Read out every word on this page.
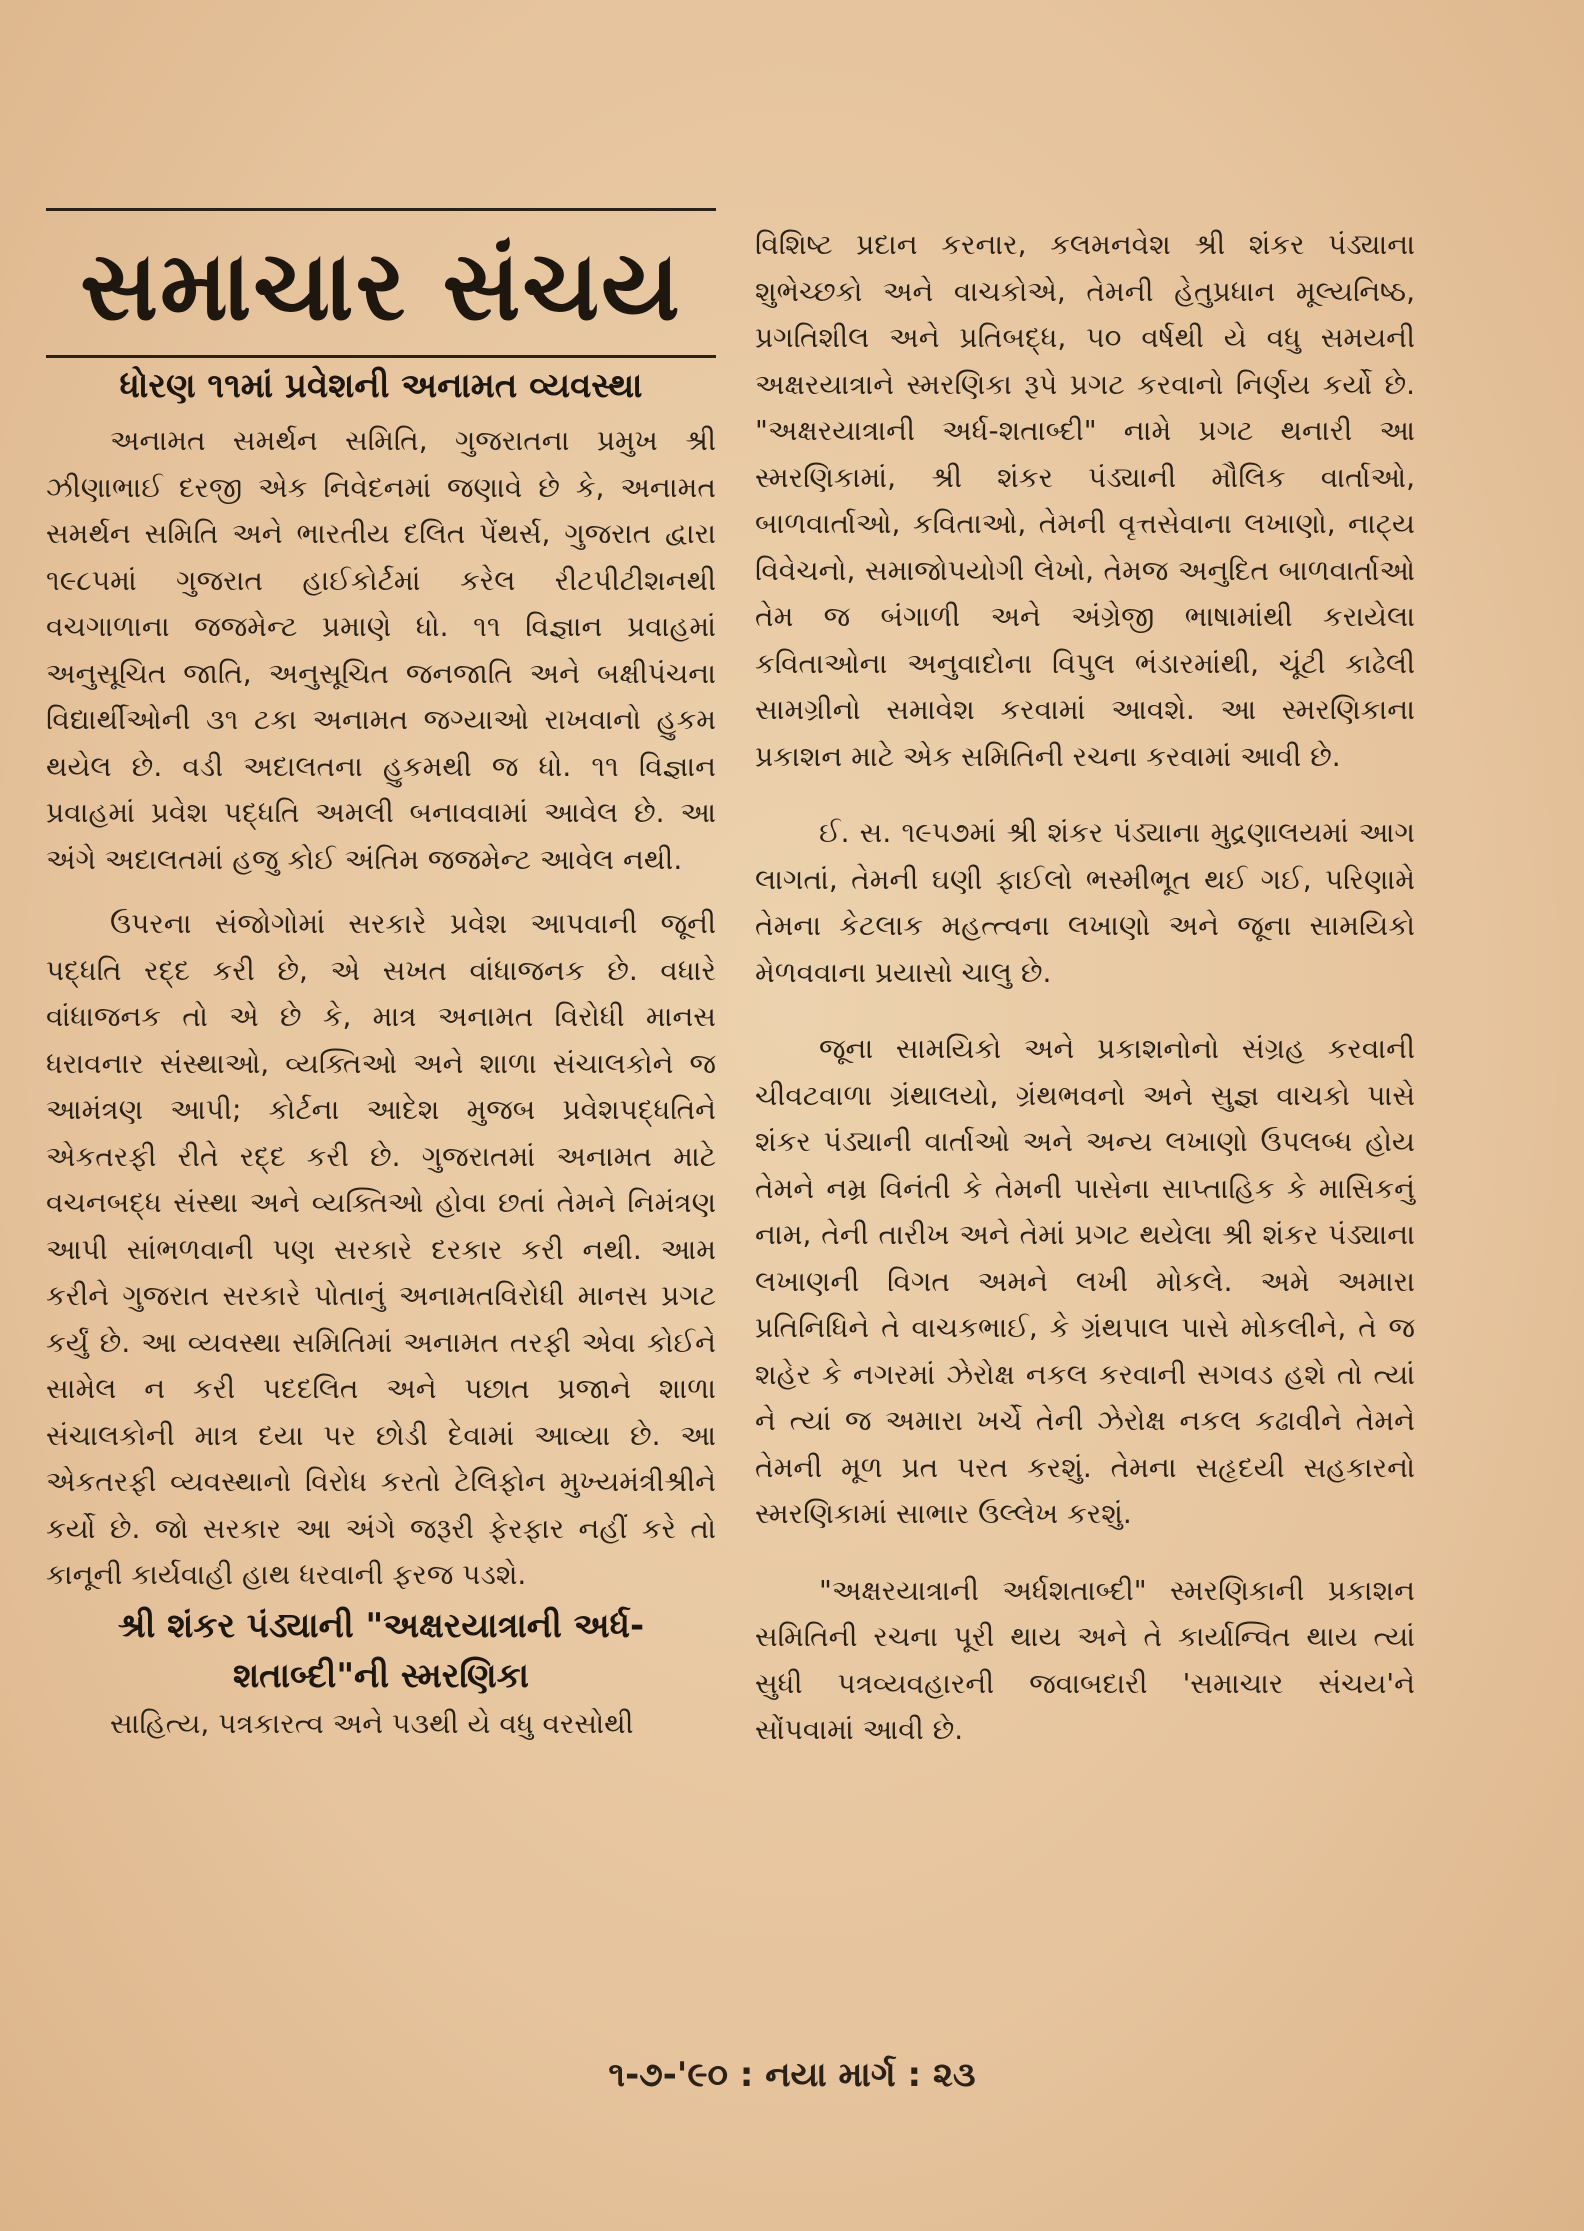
સમાચાર સંચય
ધોરણ ૧૧માં પ્રવેશની અનામત વ્યવસ્થા

અનામત સમર્થન સમિતિ, ગુજરાતના પ્રમુખ શ્રી ઝીણાભાઈ દરજી એક નિવેદનમાં જણાવે છે કે, અનામત સમર્થન સમિતિ અને ભારતીય દલિત પેંથર્સ, ગુજરાત દ્વારા ૧૯૮૫માં ગુજરાત હાઈકોર્ટમાં કરેલ રીટપીટીશનથી વચગાળાના જજમેન્ટ પ્રમાણે ધો. ૧૧ વિજ્ઞાન પ્રવાહમાં અનુસૂચિત જાતિ, અનુસૂચિત જનજાતિ અને બક્ષીપંચના વિદ્યાર્થીઓની ૩૧ ટકા અનામત જગ્યાઓ રાખવાનો હુકમ થયેલ છે. વડી અદાલતના હુકમથી જ ધો. ૧૧ વિજ્ઞાન પ્રવાહમાં પ્રવેશ પદ્ધતિ અમલી બનાવવામાં આવેલ છે. આ અંગે અદાલતમાં હજુ કોઈ અંતિમ જજમેન્ટ આવેલ નથી.

ઉપરના સંજોગોમાં સરકારે પ્રવેશ આપવાની જૂની પદ્ધતિ રદ્દ કરી છે, એ સખત વાંધાજનક છે. વધારે વાંધાજનક તો એ છે કે, માત્ર અનામત વિરોધી માનસ ધરાવનાર સંસ્થાઓ, વ્યક્તિઓ અને શાળા સંચાલકોને જ આમંત્રણ આપી; કોર્ટના આદેશ મુજબ પ્રવેશપદ્ધતિને એકતરફી રીતે રદ્દ કરી છે. ગુજરાતમાં અનામત માટે વચનબદ્ધ સંસ્થા અને વ્યક્તિઓ હોવા છતાં તેમને નિમંત્રણ આપી સાંભળવાની પણ સરકારે દરકાર કરી નથી. આમ કરીને ગુજરાત સરકારે પોતાનું અનામતવિરોધી માનસ પ્રગટ કર્યું છે. આ વ્યવસ્થા સમિતિમાં અનામત તરફી એવા કોઈને સામેલ ન કરી પદદલિત અને પછાત પ્રજાને શાળા સંચાલકોની માત્ર દયા પર છોડી દેવામાં આવ્યા છે. આ એકતરફી વ્યવસ્થાનો વિરોધ કરતો ટેલિફોન મુખ્યમંત્રીશ્રીને કર્યો છે. જો સરકાર આ અંગે જરૂરી ફેરફાર નહીં કરે તો કાનૂની કાર્યવાહી હાથ ધરવાની ફરજ પડશે.

શ્રી શંકર પંડ્યાની "અક્ષરયાત્રાની અર્ધ-શતાબ્દી"ની સ્મરણિકા

સાહિત્ય, પત્રકારત્વ અને ૫૩થી યે વધુ વરસોથી

વિશિષ્ટ પ્રદાન કરનાર, કલમનવેશ શ્રી શંકર પંડ્યાના શુભેચ્છકો અને વાચકોએ, તેમની હેતુપ્રધાન મૂલ્યનિષ્ઠ, પ્રગતિશીલ અને પ્રતિબદ્ધ, ૫૦ વર્ષથી યે વધુ સમયની અક્ષરયાત્રાને સ્મરણિકા રૂપે પ્રગટ કરવાનો નિર્ણય કર્યો છે. "અક્ષરયાત્રાની અર્ધ-શતાબ્દી" નામે પ્રગટ થનારી આ સ્મરણિકામાં, શ્રી શંકર પંડ્યાની મૌલિક વાર્તાઓ, બાળવાર્તાઓ, કવિતાઓ, તેમની વૃત્તસેવાના લખાણો, નાટ્ય વિવેચનો, સમાજોપયોગી લેખો, તેમજ અનુદિત બાળવાર્તાઓ તેમ જ બંગાળી અને અંગ્રેજી ભાષામાંથી કરાયેલા કવિતાઓના અનુવાદોના વિપુલ ભંડારમાંથી, ચૂંટી કાઢેલી સામગ્રીનો સમાવેશ કરવામાં આવશે. આ સ્મરણિકાના પ્રકાશન માટે એક સમિતિની રચના કરવામાં આવી છે.

ઈ. સ. ૧૯૫૭માં શ્રી શંકર પંડ્યાના મુદ્રણાલયમાં આગ લાગતાં, તેમની ઘણી ફાઈલો ભસ્મીભૂત થઈ ગઈ, પરિણામે તેમના કેટલાક મહત્ત્વના લખાણો અને જૂના સામયિકો મેળવવાના પ્રયાસો ચાલુ છે.

જૂના સામયિકો અને પ્રકાશનોનો સંગ્રહ કરવાની ચીવટવાળા ગ્રંથાલયો, ગ્રંથભવનો અને સુજ્ઞ વાચકો પાસે શંકર પંડ્યાની વાર્તાઓ અને અન્ય લખાણો ઉપલબ્ધ હોય તેમને નમ્ર વિનંતી કે તેમની પાસેના સાપ્તાહિક કે માસિકનું નામ, તેની તારીખ અને તેમાં પ્રગટ થયેલા શ્રી શંકર પંડ્યાના લખાણની વિગત અમને લખી મોકલે. અમે અમારા પ્રતિનિધિને તે વાચકભાઈ, કે ગ્રંથપાલ પાસે મોકલીને, તે જ શહેર કે નગરમાં ઝેરોક્ષ નકલ કરવાની સગવડ હશે તો ત્યાં ને ત્યાં જ અમારા ખર્ચે તેની ઝેરોક્ષ નકલ કઢાવીને તેમને તેમની મૂળ પ્રત પરત કરશું. તેમના સહૃદયી સહકારનો સ્મરણિકામાં સાભાર ઉલ્લેખ કરશું.

"અક્ષરયાત્રાની અર્ધશતાબ્દી" સ્મરણિકાની પ્રકાશન સમિતિની રચના પૂરી થાય અને તે કાર્યાન્વિત થાય ત્યાં સુધી પત્રવ્યવહારની જવાબદારી 'સમાચાર સંચય'ને સોંપવામાં આવી છે.

૧-૭-'૯૦ : નયા માર્ગ : ૨૩
